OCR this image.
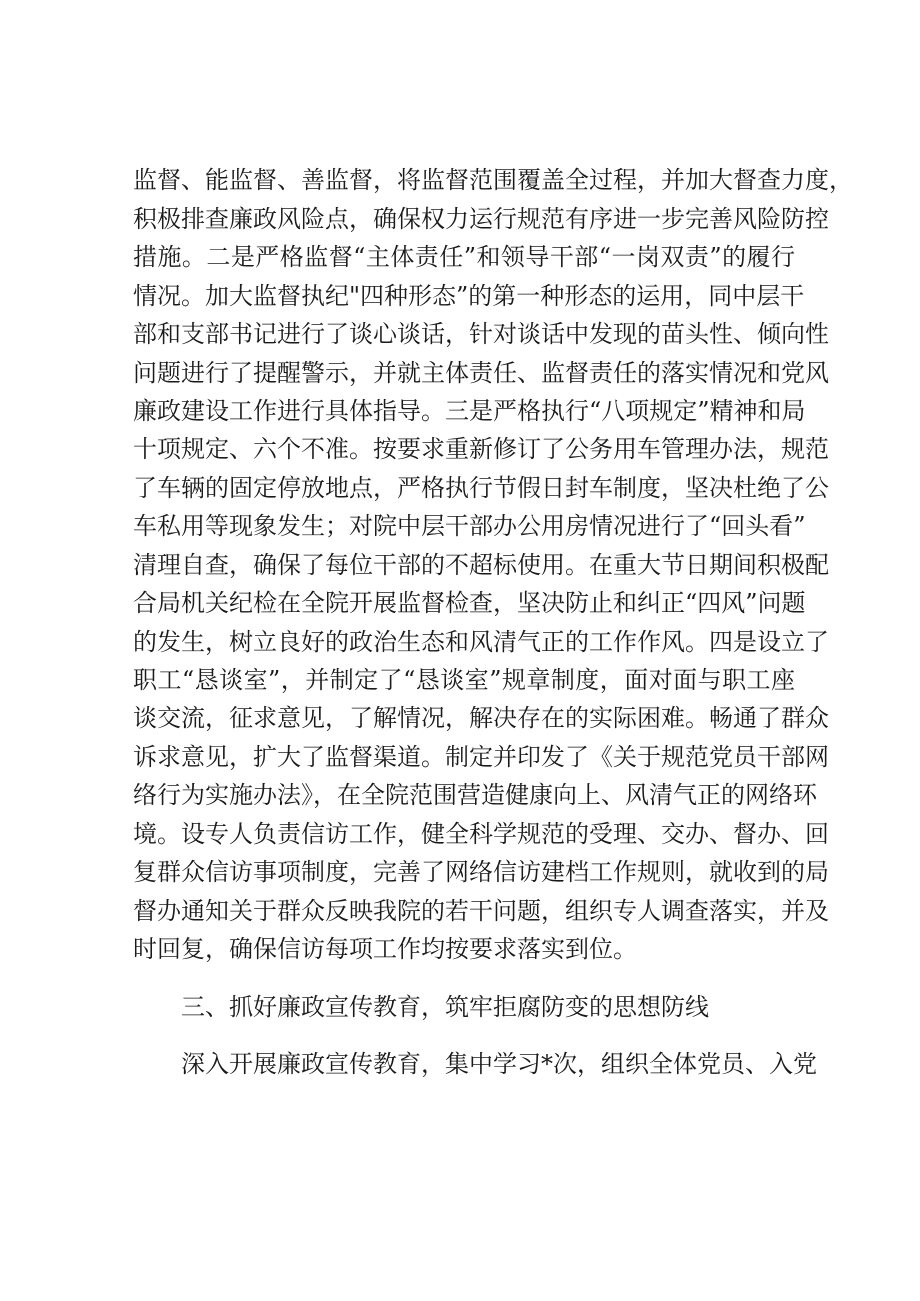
监督、能监督、善监督，将监督范围覆盖全过程，并加大督查力度，
积极排查廉政风险点，确保权力运行规范有序进一步完善风险防控
措施。二是严格监督“主体责任”和领导干部“一岗双责”的履行
情况。加大监督执纪"四种形态”的第一种形态的运用，同中层干
部和支部书记进行了谈心谈话，针对谈话中发现的苗头性、倾向性
问题进行了提醒警示，并就主体责任、监督责任的落实情况和党风
廉政建设工作进行具体指导。三是严格执行“八项规定”精神和局
十项规定、六个不准。按要求重新修订了公务用车管理办法，规范
了车辆的固定停放地点，严格执行节假日封车制度，坚决杜绝了公
车私用等现象发生；对院中层干部办公用房情况进行了“回头看”
清理自查，确保了每位干部的不超标使用。在重大节日期间积极配
合局机关纪检在全院开展监督检查，坚决防止和纠正“四风”问题
的发生，树立良好的政治生态和风清气正的工作作风。四是设立了
职工“恳谈室”，并制定了“恳谈室”规章制度，面对面与职工座
谈交流，征求意见，了解情况，解决存在的实际困难。畅通了群众
诉求意见，扩大了监督渠道。制定并印发了《关于规范党员干部网
络行为实施办法》，在全院范围营造健康向上、风清气正的网络环
境。设专人负责信访工作，健全科学规范的受理、交办、督办、回
复群众信访事项制度，完善了网络信访建档工作规则，就收到的局
督办通知关于群众反映我院的若干问题，组织专人调查落实，并及
时回复，确保信访每项工作均按要求落实到位。
三、抓好廉政宣传教育，筑牢拒腐防变的思想防线
深入开展廉政宣传教育，集中学习*次，组织全体党员、入党
